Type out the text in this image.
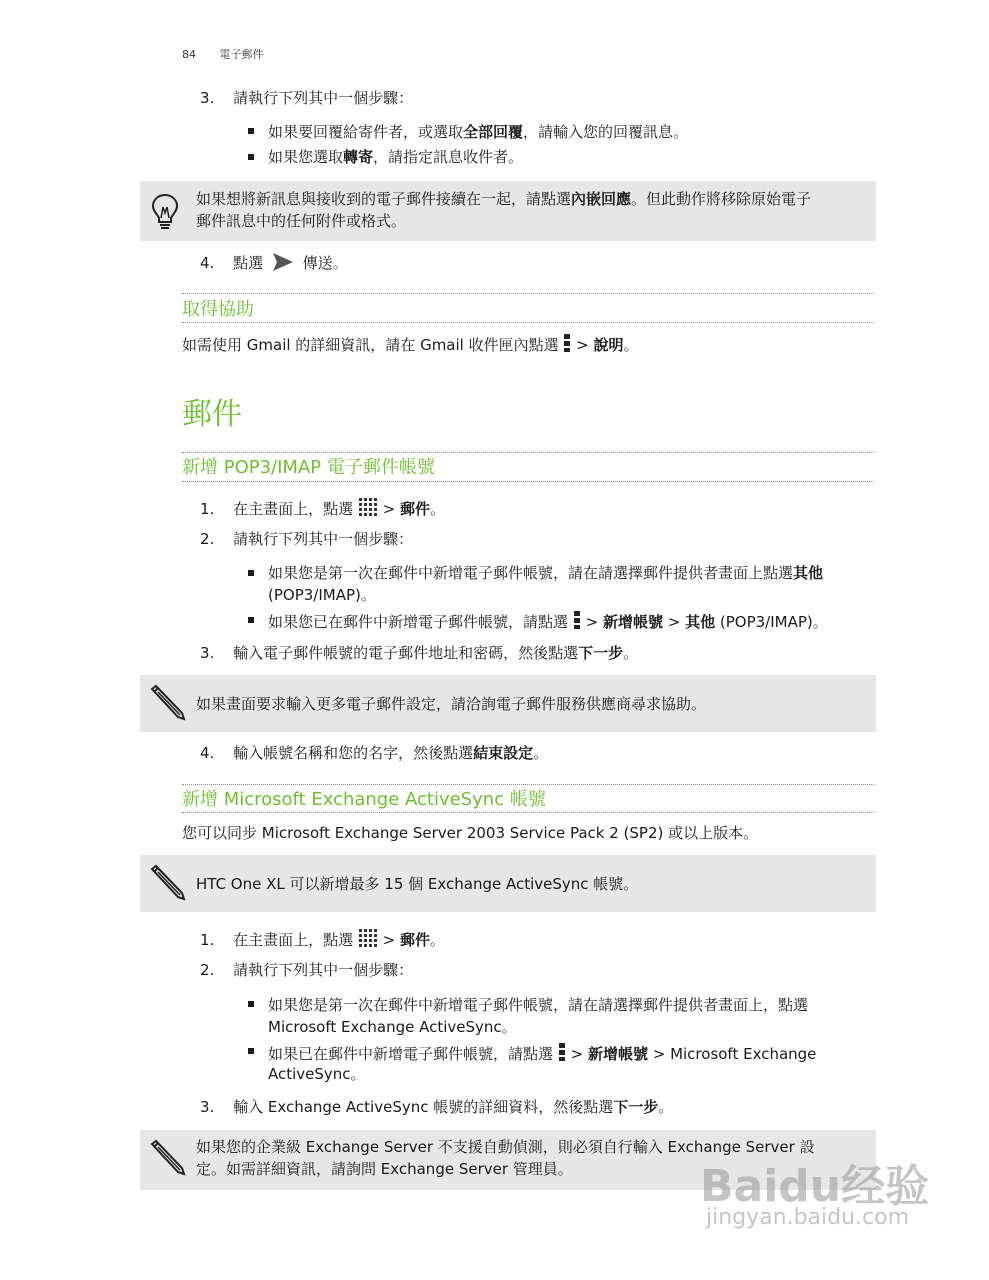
84 電子郵件
3. 請執行下列其中一個步驟：
如果要回覆給寄件者，或選取全部回覆，請輸入您的回覆訊息。
如果您選取轉寄，請指定訊息收件者。
如果想將新訊息與接收到的電子郵件接續在一起，請點選內嵌回應。但此動作將移除原始電子
郵件訊息中的任何附件或格式。
4. 點選	傳送。
取得協助
如需使用 Gmail 的詳細資訊，請在 Gmail 收件匣內點選 > 說明。
郵件
新增 POP3/IMAP 電子郵件帳號
1. 在主畫面上，點選 > 郵件。
2. 請執行下列其中一個步驟：
如果您是第一次在郵件中新增電子郵件帳號，請在請選擇郵件提供者畫面上點選其他
(POP3/IMAP)。
如果您已在郵件中新增電子郵件帳號，請點選 > 新增帳號 > 其他 (POP3/IMAP)。
3. 輸入電子郵件帳號的電子郵件地址和密碼，然後點選下一步。
如果畫面要求輸入更多電子郵件設定，請洽詢電子郵件服務供應商尋求協助。
4. 輸入帳號名稱和您的名字，然後點選結束設定。
新增 Microsoft Exchange ActiveSync 帳號
您可以同步 Microsoft Exchange Server 2003 Service Pack 2 (SP2) 或以上版本。
HTC One XL 可以新增最多 15 個 Exchange ActiveSync 帳號。
1. 在主畫面上，點選 > 郵件。
2. 請執行下列其中一個步驟：
如果您是第一次在郵件中新增電子郵件帳號，請在請選擇郵件提供者畫面上，點選
Microsoft Exchange ActiveSync。
如果已在郵件中新增電子郵件帳號，請點選 > 新增帳號 > Microsoft Exchange
ActiveSync。
3. 輸入 Exchange ActiveSync 帳號的詳細資料，然後點選下一步。
如果您的企業級 Exchange Server 不支援自動偵測，則必須自行輸入 Exchange Server 設
定。如需詳細資訊，請詢問 Exchange Server 管理員。	Baidu经验
jingyan.baidu.com
